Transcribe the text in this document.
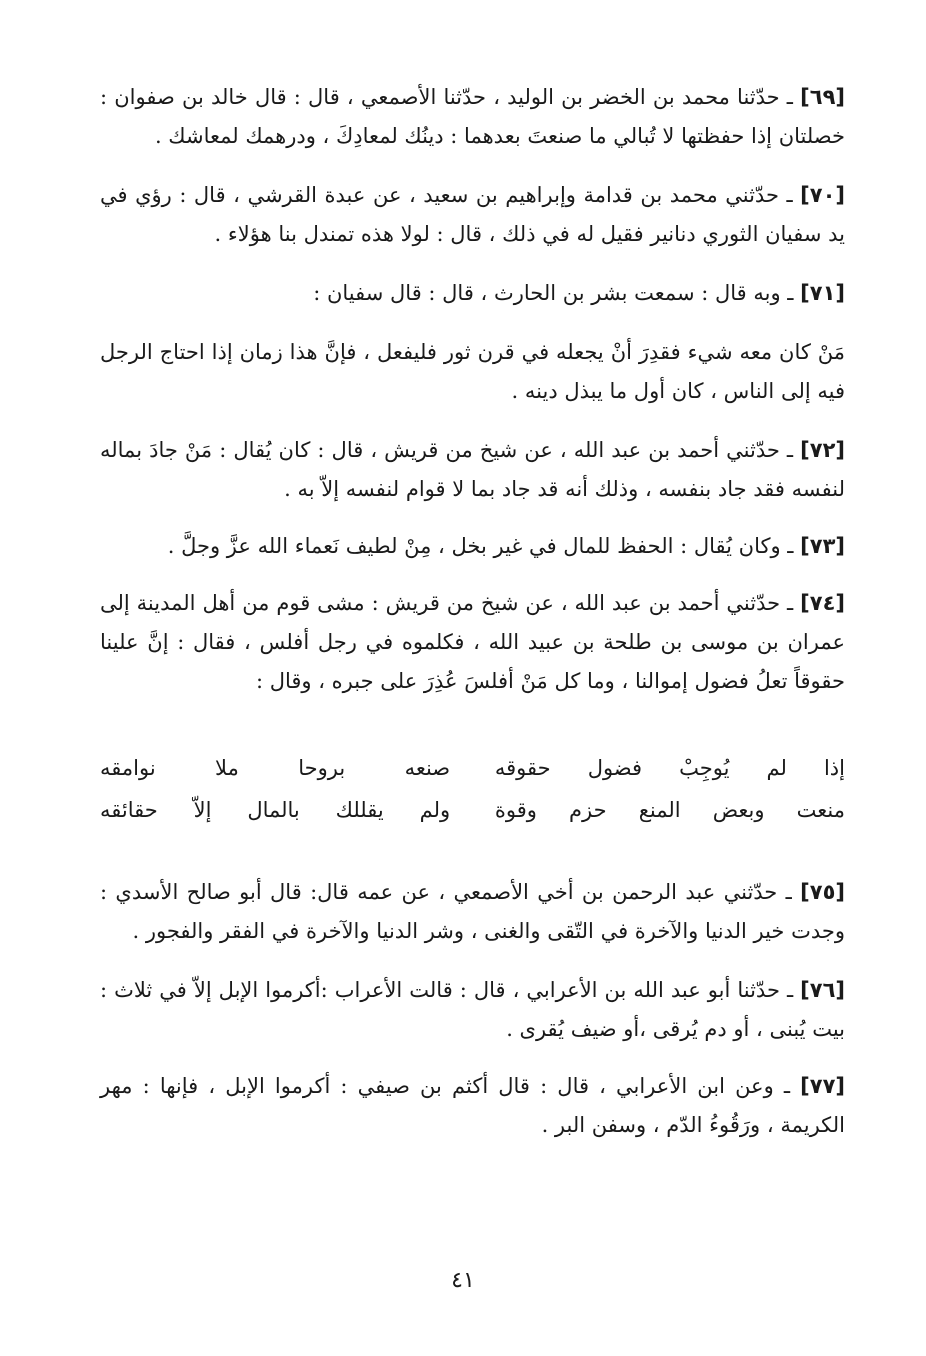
[٦٩] ـ حدّثنا محمد بن الخضر بن الوليد ، حدّثنا الأصمعي ، قال : قال خالد بن صفوان : خصلتان إذا حفظتها لا تُبالي ما صنعتَ بعدهما : دينُك لمعادِكَ ، ودرهمك لمعاشك .

[٧٠] ـ حدّثني محمد بن قدامة وإبراهيم بن سعيد ، عن عبدة القرشي ، قال : رؤي في يد سفيان الثوري دنانير فقيل له في ذلك ، قال : لولا هذه تمندل بنا هؤلاء .

[٧١] ـ وبه قال : سمعت بشر بن الحارث ، قال : قال سفيان :

مَنْ كان معه شيء فقدِرَ أنْ يجعله في قرن ثور فليفعل ، فإنَّ هذا زمان إذا احتاج الرجل فيه إلى الناس ، كان أول ما يبذل دينه .

[٧٢] ـ حدّثني أحمد بن عبد الله ، عن شيخ من قريش ، قال : كان يُقال : مَنْ جادَ بماله لنفسه فقد جاد بنفسه ، وذلك أنه قد جاد بما لا قوام لنفسه إلاّ به .

[٧٣] ـ وكان يُقال : الحفظ للمال في غير بخل ، مِنْ لطيف نَعماء الله عزَّ وجلَّ .

[٧٤] ـ حدّثني أحمد بن عبد الله ، عن شيخ من قريش : مشى قوم من أهل المدينة إلى عمران بن موسى بن طلحة بن عبيد الله ، فكلموه في رجل أفلس ، فقال : إنَّ علينا حقوقاً تعلُ فضول إموالنا ، وما كل مَنْ أفلسَ عُذِرَ على جبره ، وقال :

إذا لم يُوجِبْ فضول حقوقه
صنعه بروحا ملا نوامقه
منعت وبعض المنع حزم وقوة
ولم يقللك بالمال إلاّ حقائقه

[٧٥] ـ حدّثني عبد الرحمن بن أخي الأصمعي ، عن عمه قال: قال أبو صالح الأسدي : وجدت خير الدنيا والآخرة في التّقى والغنى ، وشر الدنيا والآخرة في الفقر والفجور .

[٧٦] ـ حدّثنا أبو عبد الله بن الأعرابي ، قال : قالت الأعراب :أكرموا الإبل إلاّ في ثلاث : بيت يُبنى ، أو دم يُرقى ،أو ضيف يُقرى .

[٧٧] ـ وعن ابن الأعرابي ، قال : قال أكثم بن صيفي : أكرموا الإبل ، فإنها : مهر الكريمة ، ورَقُوءُ الدّم ، وسفن البر .

٤١
